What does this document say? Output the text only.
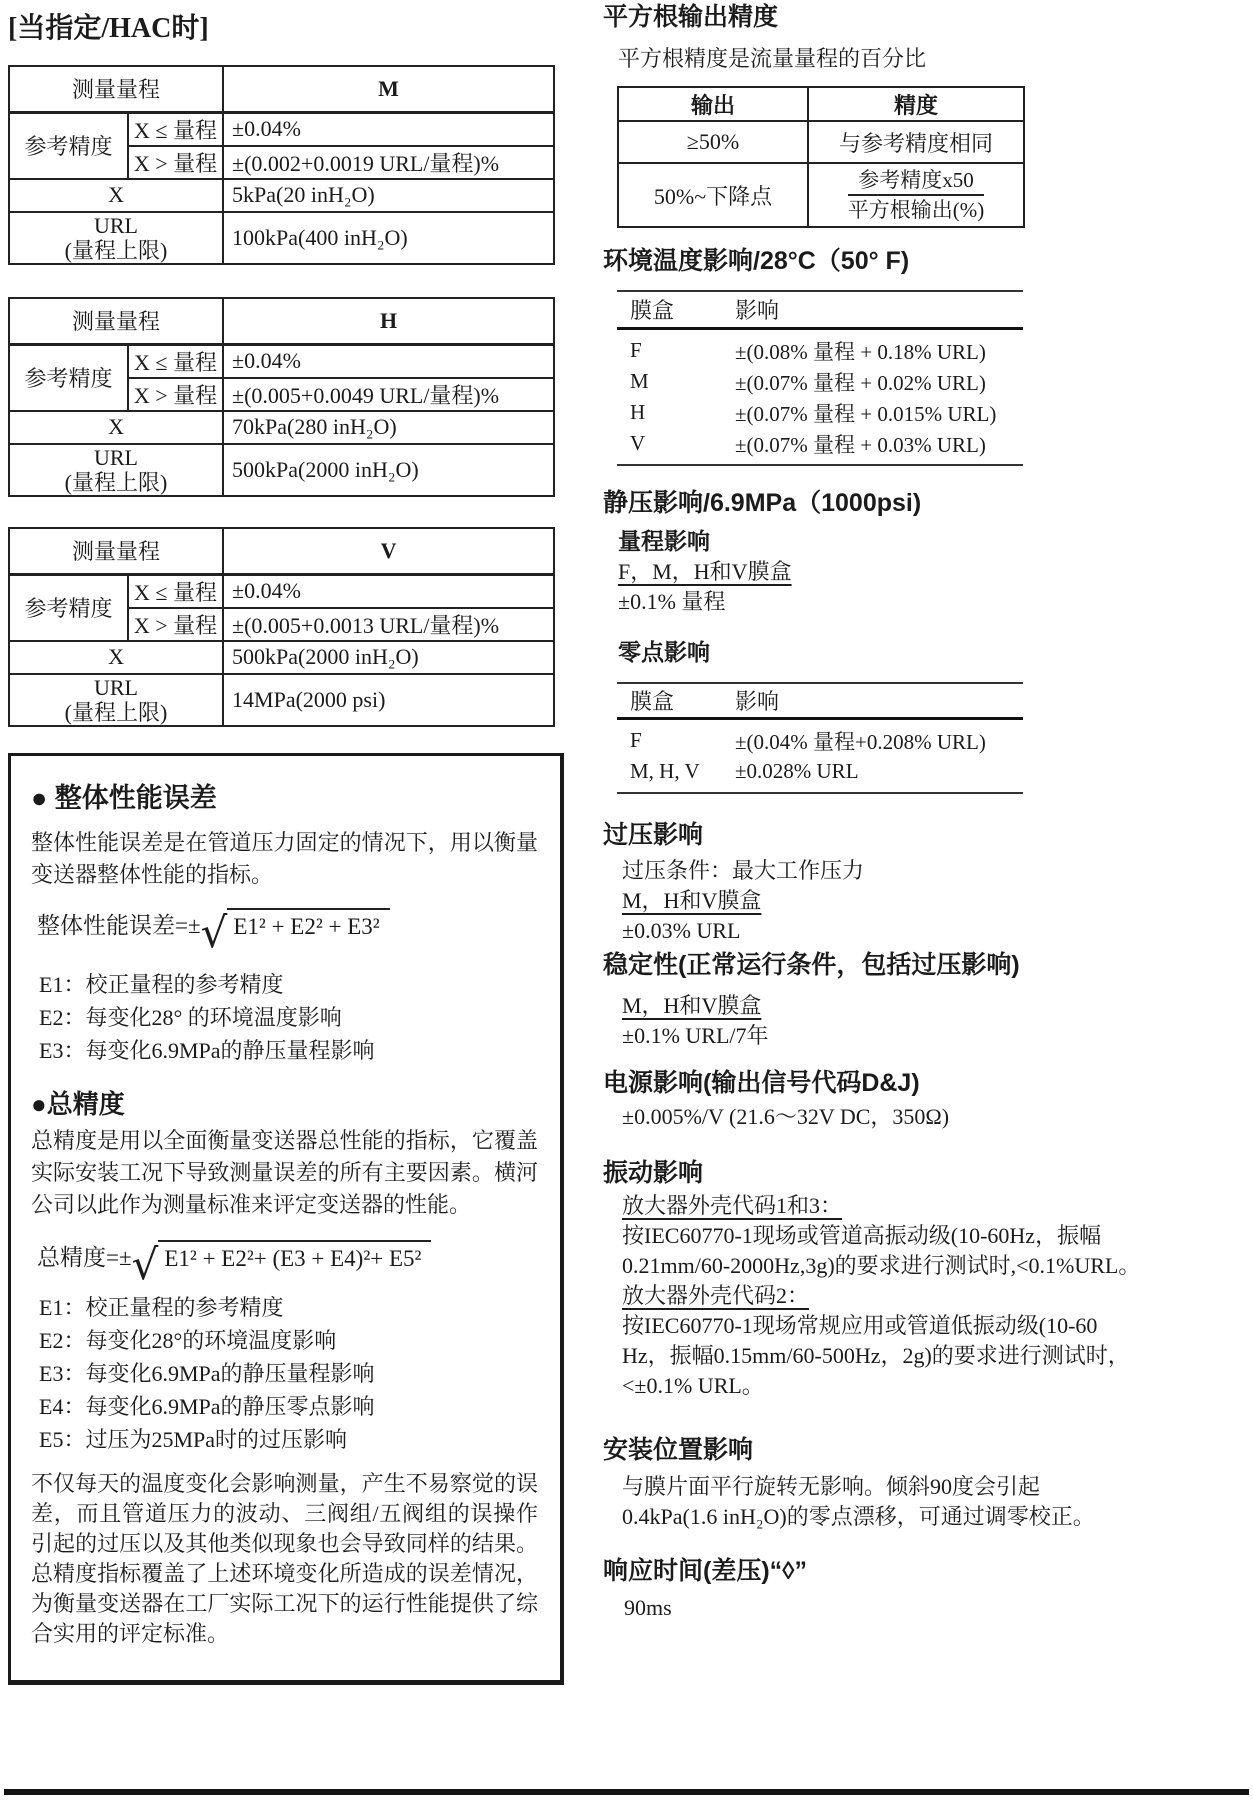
[当指定/HAC时]
测量量程		M
参考精度	X ≤ 量程	±0.04%
	X > 量程	±(0.002+0.0019 URL/量程)%
X		5kPa(20 inH₂O)

URL
(量程上限)		100kPa(400 inH₂O)
测量量程		H
参考精度	X ≤ 量程	±0.04%
	X > 量程	±(0.005+0.0049 URL/量程)%
X		70kPa(280 inH₂O)

URL
(量程上限)		500kPa(2000 inH₂O)
测量量程		V
参考精度	X ≤ 量程	±0.04%
	X > 量程	±(0.005+0.0013 URL/量程)%
X		500kPa(2000 inH₂O)

URL
(量程上限)		14MPa(2000 psi)
● 整体性能误差
整体性能误差是在管道压力固定的情况下，用以衡量变送器整体性能的指标。
整体性能误差=± √ E1² + E2² + E3²
E1：校正量程的参考精度
E2：每变化28° 的环境温度影响
E3：每变化6.9MPa的静压量程影响
●总精度
总精度是用以全面衡量变送器总性能的指标，它覆盖实际安装工况下导致测量误差的所有主要因素。横河公司以此作为测量标准来评定变送器的性能。
总精度=± √ E1² + E2²+ (E3 + E4)²+ E5²
E1：校正量程的参考精度
E2：每变化28°的环境温度影响
E3：每变化6.9MPa的静压量程影响
E4：每变化6.9MPa的静压零点影响
E5：过压为25MPa时的过压影响
不仅每天的温度变化会影响测量，产生不易察觉的误差，而且管道压力的波动、三阀组/五阀组的误操作引起的过压以及其他类似现象也会导致同样的结果。总精度指标覆盖了上述环境变化所造成的误差情况，为衡量变送器在工厂实际工况下的运行性能提供了综合实用的评定标准。
平方根输出精度
平方根精度是流量量程的百分比
输出	精度
≥50%	与参考精度相同
50%~下降点	$\frac{\text{参考精度x50}}{\text{平方根输出(\%)}}$
环境温度影响/28°C（50° F)
膜盒	影响
F	±(0.08% 量程 + 0.18% URL)
M	±(0.07% 量程 + 0.02% URL)
H	±(0.07% 量程 + 0.015% URL)
V	±(0.07% 量程 + 0.03% URL)
静压影响/6.9MPa（1000psi)
量程影响
F，M，H和V膜盒
±0.1% 量程
零点影响
膜盒	影响
F	±(0.04% 量程+0.208% URL)
M, H, V	±0.028% URL
过压影响
过压条件：最大工作压力
M，H和V膜盒
±0.03% URL
稳定性(正常运行条件，包括过压影响)
M，H和V膜盒
±0.1% URL/7年
电源影响(输出信号代码D&J)
±0.005%/V (21.6～32V DC，350Ω)
振动影响
放大器外壳代码1和3：
按IEC60770-1现场或管道高振动级(10-60Hz，振幅
0.21mm/60-2000Hz,3g)的要求进行测试时,<0.1%URL。
放大器外壳代码2：
按IEC60770-1现场常规应用或管道低振动级(10-60
Hz，振幅0.15mm/60-500Hz，2g)的要求进行测试时，
<±0.1% URL。
安装位置影响
与膜片面平行旋转无影响。倾斜90度会引起
0.4kPa(1.6 inH₂O)的零点漂移，可通过调零校正。
响应时间(差压)“◊”
90ms
